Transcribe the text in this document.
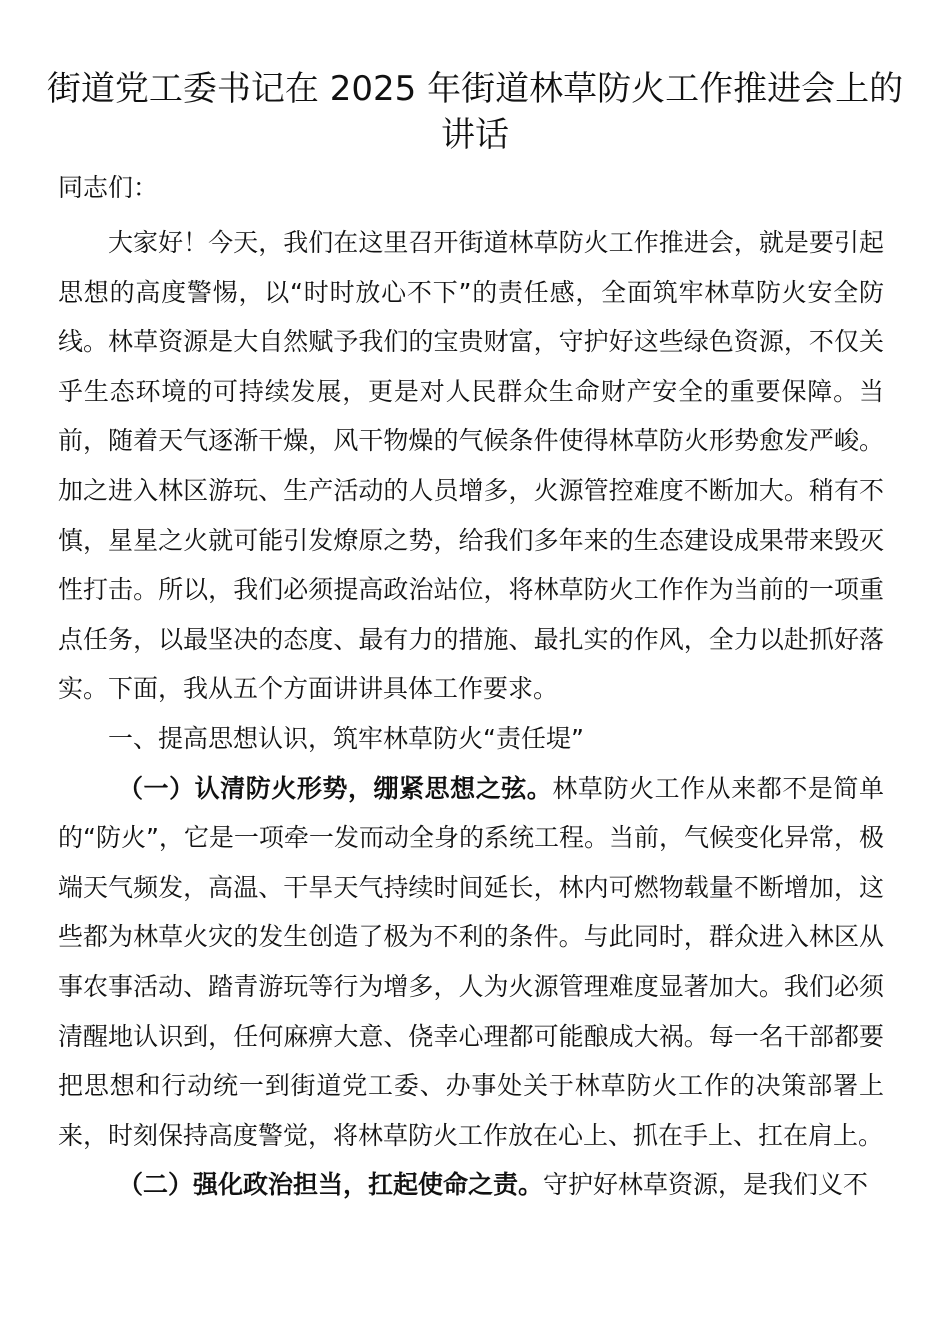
街道党工委书记在 2025 年街道林草防火工作推进会上的讲话

同志们：

大家好！今天，我们在这里召开街道林草防火工作推进会，就是要引起思想的高度警惕，以“时时放心不下”的责任感，全面筑牢林草防火安全防线。林草资源是大自然赋予我们的宝贵财富，守护好这些绿色资源，不仅关乎生态环境的可持续发展，更是对人民群众生命财产安全的重要保障。当前，随着天气逐渐干燥，风干物燥的气候条件使得林草防火形势愈发严峻。加之进入林区游玩、生产活动的人员增多，火源管控难度不断加大。稍有不慎，星星之火就可能引发燎原之势，给我们多年来的生态建设成果带来毁灭性打击。所以，我们必须提高政治站位，将林草防火工作作为当前的一项重点任务，以最坚决的态度、最有力的措施、最扎实的作风，全力以赴抓好落实。下面，我从五个方面讲讲具体工作要求。

一、提高思想认识，筑牢林草防火“责任堤”

（一）认清防火形势，绷紧思想之弦。林草防火工作从来都不是简单的“防火”，它是一项牵一发而动全身的系统工程。当前，气候变化异常，极端天气频发，高温、干旱天气持续时间延长，林内可燃物载量不断增加，这些都为林草火灾的发生创造了极为不利的条件。与此同时，群众进入林区从事农事活动、踏青游玩等行为增多，人为火源管理难度显著加大。我们必须清醒地认识到，任何麻痹大意、侥幸心理都可能酿成大祸。每一名干部都要把思想和行动统一到街道党工委、办事处关于林草防火工作的决策部署上来，时刻保持高度警觉，将林草防火工作放在心上、抓在手上、扛在肩上。

（二）强化政治担当，扛起使命之责。守护好林草资源，是我们义不
